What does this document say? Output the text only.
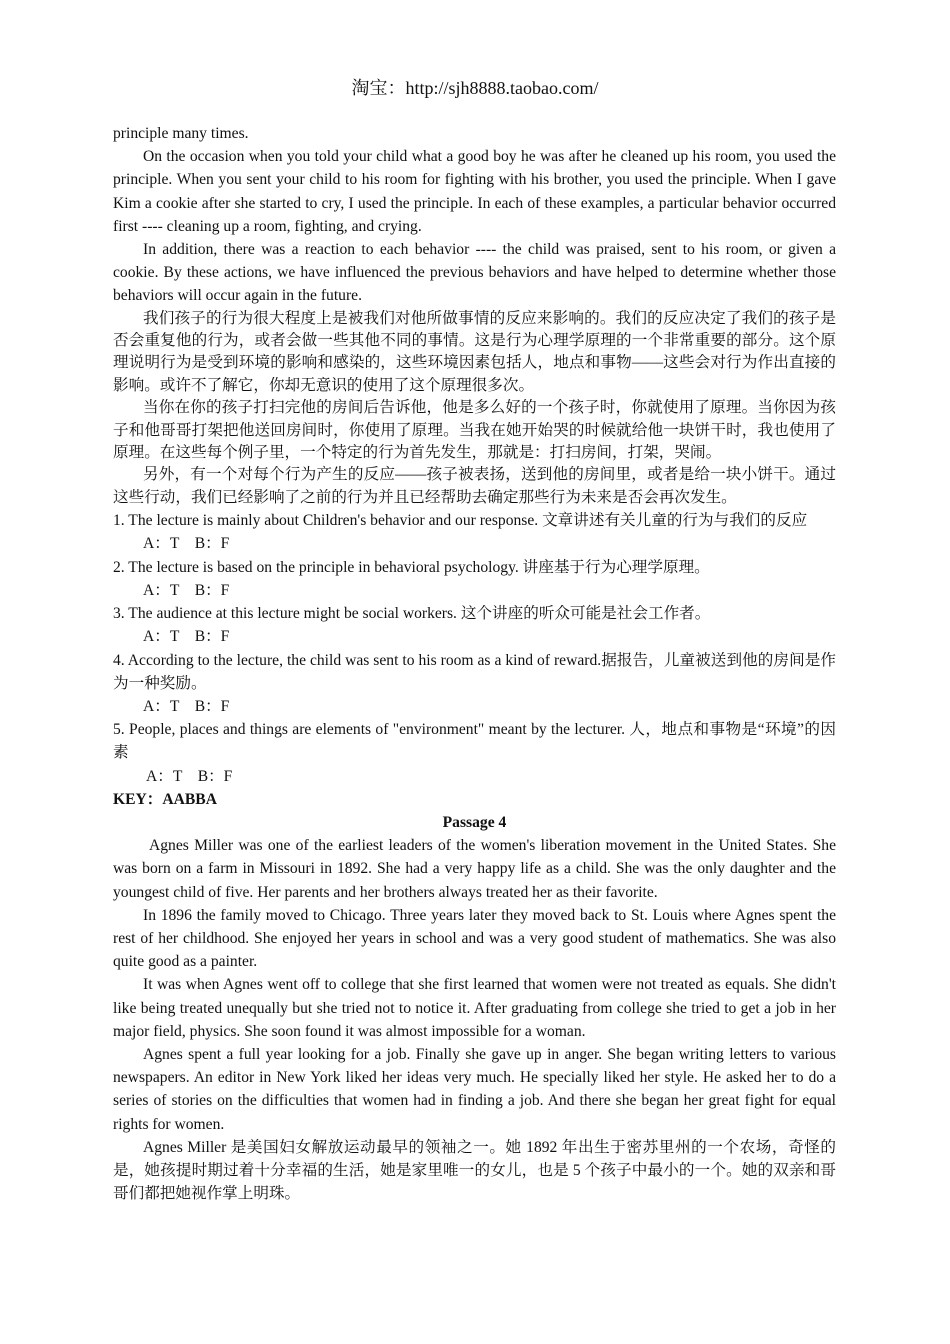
淘宝：http://sjh8888.taobao.com/

principle many times.

On the occasion when you told your child what a good boy he was after he cleaned up his room, you used the principle. When you sent your child to his room for fighting with his brother, you used the principle. When I gave Kim a cookie after she started to cry, I used the principle. In each of these examples, a particular behavior occurred first ---- cleaning up a room, fighting, and crying.

In addition, there was a reaction to each behavior ---- the child was praised, sent to his room, or given a cookie. By these actions, we have influenced the previous behaviors and have helped to determine whether those behaviors will occur again in the future.

我们孩子的行为很大程度上是被我们对他所做事情的反应来影响的。我们的反应决定了我们的孩子是否会重复他的行为，或者会做一些其他不同的事情。这是行为心理学原理的一个非常重要的部分。这个原理说明行为是受到环境的影响和感染的，这些环境因素包括人，地点和事物——这些会对行为作出直接的影响。或许不了解它，你却无意识的使用了这个原理很多次。

当你在你的孩子打扫完他的房间后告诉他，他是多么好的一个孩子时，你就使用了原理。当你因为孩子和他哥哥打架把他送回房间时，你使用了原理。当我在她开始哭的时候就给他一块饼干时，我也使用了原理。在这些每个例子里，一个特定的行为首先发生，那就是：打扫房间，打架，哭闹。

另外，有一个对每个行为产生的反应——孩子被表扬，送到他的房间里，或者是给一块小饼干。通过这些行动，我们已经影响了之前的行为并且已经帮助去确定那些行为未来是否会再次发生。

1. The lecture is mainly about Children's behavior and our response. 文章讲述有关儿童的行为与我们的反应

A：T　B：F

2. The lecture is based on the principle in behavioral psychology. 讲座基于行为心理学原理。

A：T　B：F

3. The audience at this lecture might be social workers. 这个讲座的听众可能是社会工作者。

A：T　B：F

4. According to the lecture, the child was sent to his room as a kind of reward.据报告，儿童被送到他的房间是作为一种奖励。

A：T　B：F

5. People, places and things are elements of "environment" meant by the lecturer. 人，地点和事物是“环境”的因素

A：T　B：F

KEY：AABBA

Passage 4

Agnes Miller was one of the earliest leaders of the women's liberation movement in the United States. She was born on a farm in Missouri in 1892. She had a very happy life as a child. She was the only daughter and the youngest child of five. Her parents and her brothers always treated her as their favorite.

In 1896 the family moved to Chicago. Three years later they moved back to St. Louis where Agnes spent the rest of her childhood. She enjoyed her years in school and was a very good student of mathematics. She was also quite good as a painter.

It was when Agnes went off to college that she first learned that women were not treated as equals. She didn't like being treated unequally but she tried not to notice it. After graduating from college she tried to get a job in her major field, physics. She soon found it was almost impossible for a woman.

Agnes spent a full year looking for a job. Finally she gave up in anger. She began writing letters to various newspapers. An editor in New York liked her ideas very much. He specially liked her style. He asked her to do a series of stories on the difficulties that women had in finding a job. And there she began her great fight for equal rights for women.

Agnes Miller 是美国妇女解放运动最早的领袖之一。她 1892 年出生于密苏里州的一个农场，奇怪的是，她孩提时期过着十分幸福的生活，她是家里唯一的女儿，也是 5 个孩子中最小的一个。她的双亲和哥哥们都把她视作掌上明珠。
